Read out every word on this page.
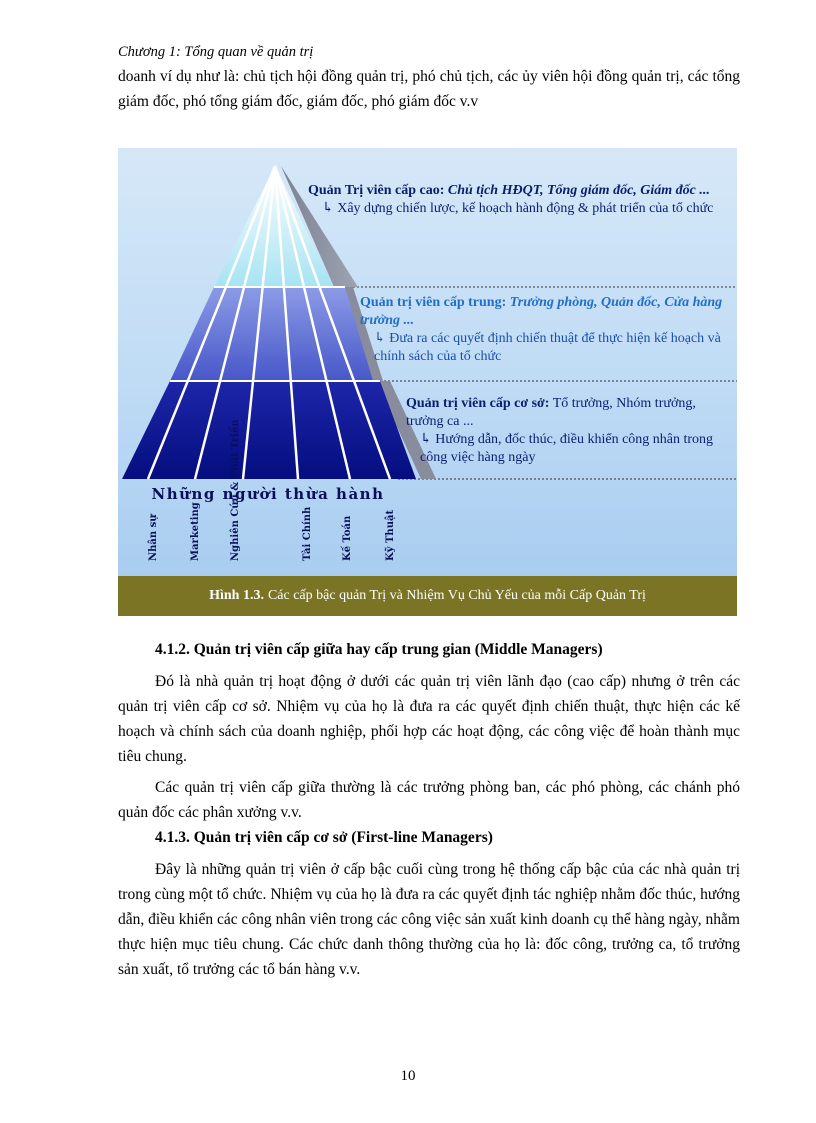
Chương 1: Tổng quan về quản trị
doanh ví dụ như là: chủ tịch hội đồng quản trị, phó chủ tịch, các ủy viên hội đồng quản trị, các tổng giám đốc, phó tổng giám đốc, giám đốc, phó giám đốc v.v
Những người thừa hành
Nhân sự	Marketing	Nghiên Cứu & Phát Triển	Tài Chính	Kế Toán	Kỹ Thuật
Quản Trị viên cấp cao: Chủ tịch HĐQT, Tổng giám đốc, Giám đốc ...
↳ Xây dựng chiến lược, kế hoạch hành động & phát triển của tổ chức
Quản trị viên cấp trung: Trưởng phòng, Quản đốc, Cửa hàng trưởng ...
↳ Đưa ra các quyết định chiến thuật để thực hiện kế hoạch và chính sách của tổ chức
Quản trị viên cấp cơ sở: Tổ trưởng, Nhóm trưởng, trưởng ca ...
↳ Hướng dẫn, đốc thúc, điều khiển công nhân trong công việc hàng ngày
Hình 1.3. Các cấp bậc quản Trị và Nhiệm Vụ Chủ Yếu của mỗi Cấp Quản Trị
4.1.2. Quản trị viên cấp giữa hay cấp trung gian (Middle Managers)
Đó là nhà quản trị hoạt động ở dưới các quản trị viên lãnh đạo (cao cấp) nhưng ở trên các quản trị viên cấp cơ sở. Nhiệm vụ của họ là đưa ra các quyết định chiến thuật, thực hiện các kế hoạch và chính sách của doanh nghiệp, phối hợp các hoạt động, các công việc để hoàn thành mục tiêu chung.
Các quản trị viên cấp giữa thường là các trưởng phòng ban, các phó phòng, các chánh phó quản đốc các phân xưởng v.v.
4.1.3. Quản trị viên cấp cơ sở (First-line Managers)
Đây là những quản trị viên ở cấp bậc cuối cùng trong hệ thống cấp bậc của các nhà quản trị trong cùng một tổ chức. Nhiệm vụ của họ là đưa ra các quyết định tác nghiệp nhằm đốc thúc, hướng dẫn, điều khiển các công nhân viên trong các công việc sản xuất kinh doanh cụ thể hàng ngày, nhằm thực hiện mục tiêu chung. Các chức danh thông thường của họ là: đốc công, trưởng ca, tổ trưởng sản xuất, tổ trưởng các tổ bán hàng v.v.
10
